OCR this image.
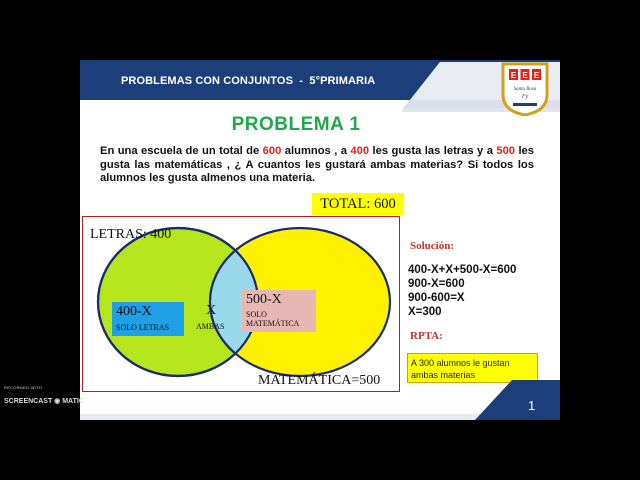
PROBLEMAS CON CONJUNTOS  -  5°PRIMARIA	E E E
Santa Rosa
Fy
PROBLEMA 1
En una escuela de un total de 600 alumnos , a 400 les gusta las letras y a 500 les gusta las matemáticas , ¿ A cuantos les gustará ambas materias? Si todos los alumnos les gusta almenos una materia.
TOTAL: 600
LETRAS: 400
400-X
SOLO LETRAS
X
AMBAS
500-X
SOLO
MATEMÁTICA
MATEMÁTICA=500
Solución:
400-X+X+500-X=600
900-X=600
900-600=X
X=300
RPTA:
A 300 alumnos le gustan ambas materias
1
RECORDED WITH
SCREENCAST ◉ MATIC
